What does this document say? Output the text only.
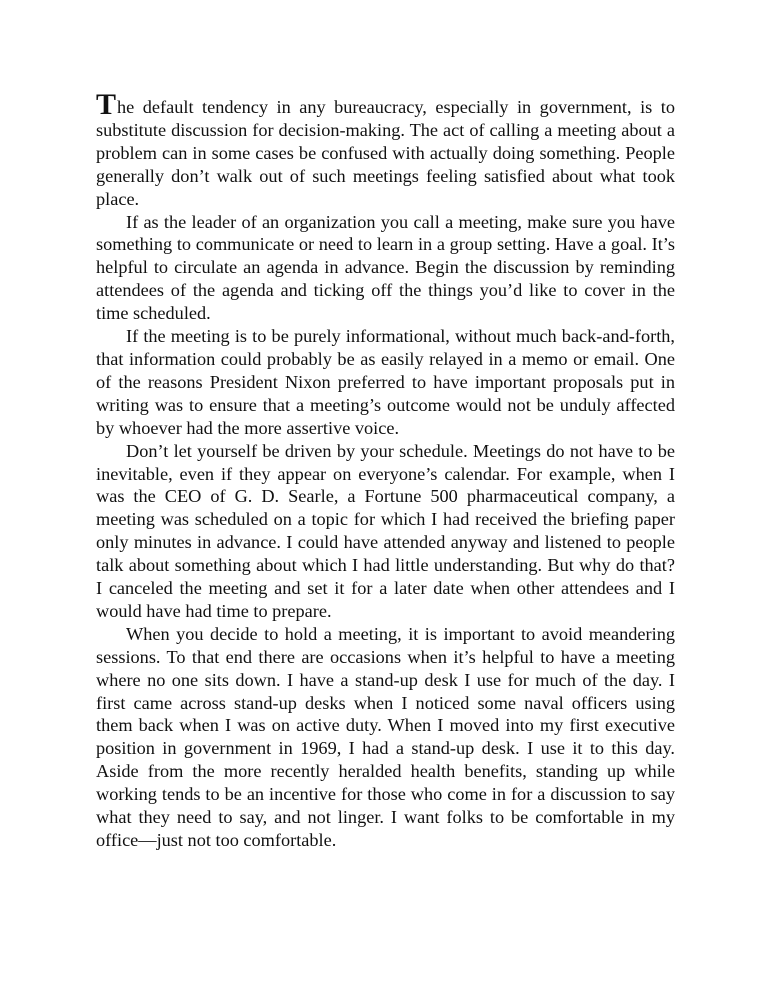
The default tendency in any bureaucracy, especially in government, is to substitute discussion for decision-making. The act of calling a meeting about a problem can in some cases be confused with actually doing something. People generally don’t walk out of such meetings feeling satisfied about what took place.

If as the leader of an organization you call a meeting, make sure you have something to communicate or need to learn in a group setting. Have a goal. It’s helpful to circulate an agenda in advance. Begin the discussion by reminding attendees of the agenda and ticking off the things you’d like to cover in the time scheduled.

If the meeting is to be purely informational, without much back-and-forth, that information could probably be as easily relayed in a memo or email. One of the reasons President Nixon preferred to have important proposals put in writing was to ensure that a meeting’s outcome would not be unduly affected by whoever had the more assertive voice.

Don’t let yourself be driven by your schedule. Meetings do not have to be inevitable, even if they appear on everyone’s calendar. For example, when I was the CEO of G. D. Searle, a Fortune 500 pharmaceutical company, a meeting was scheduled on a topic for which I had received the briefing paper only minutes in advance. I could have attended anyway and listened to people talk about something about which I had little understanding. But why do that? I canceled the meeting and set it for a later date when other attendees and I would have had time to prepare.

When you decide to hold a meeting, it is important to avoid meandering sessions. To that end there are occasions when it’s helpful to have a meeting where no one sits down. I have a stand-up desk I use for much of the day. I first came across stand-up desks when I noticed some naval officers using them back when I was on active duty. When I moved into my first executive position in government in 1969, I had a stand-up desk. I use it to this day. Aside from the more recently heralded health benefits, standing up while working tends to be an incentive for those who come in for a discussion to say what they need to say, and not linger. I want folks to be comfortable in my office—just not too comfortable.
